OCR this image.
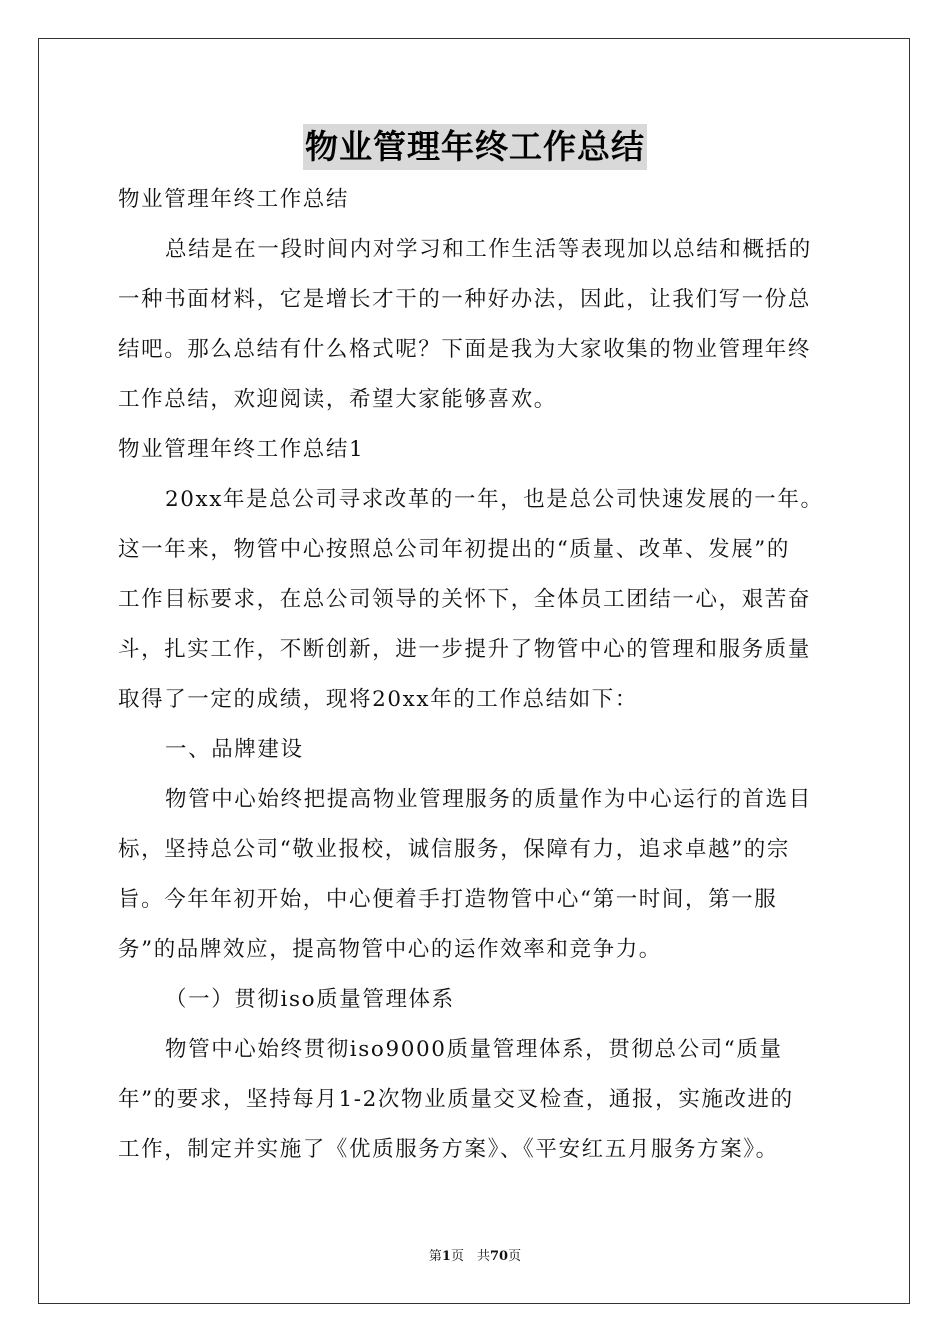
物业管理年终工作总结
物业管理年终工作总结
总结是在一段时间内对学习和工作生活等表现加以总结和概括的
一种书面材料，它是增长才干的一种好办法，因此，让我们写一份总
结吧。那么总结有什么格式呢？下面是我为大家收集的物业管理年终
工作总结，欢迎阅读，希望大家能够喜欢。
物业管理年终工作总结1
20xx年是总公司寻求改革的一年，也是总公司快速发展的一年。
这一年来，物管中心按照总公司年初提出的“质量、改革、发展”的
工作目标要求，在总公司领导的关怀下，全体员工团结一心，艰苦奋
斗，扎实工作，不断创新，进一步提升了物管中心的管理和服务质量
取得了一定的成绩，现将20xx年的工作总结如下：
一、品牌建设
物管中心始终把提高物业管理服务的质量作为中心运行的首选目
标，坚持总公司“敬业报校，诚信服务，保障有力，追求卓越”的宗
旨。今年年初开始，中心便着手打造物管中心“第一时间，第一服
务”的品牌效应，提高物管中心的运作效率和竞争力。
（一）贯彻iso质量管理体系
物管中心始终贯彻iso9000质量管理体系，贯彻总公司“质量
年”的要求，坚持每月1-2次物业质量交叉检查，通报，实施改进的
工作，制定并实施了《优质服务方案》、《平安红五月服务方案》。
第1页　共70页
